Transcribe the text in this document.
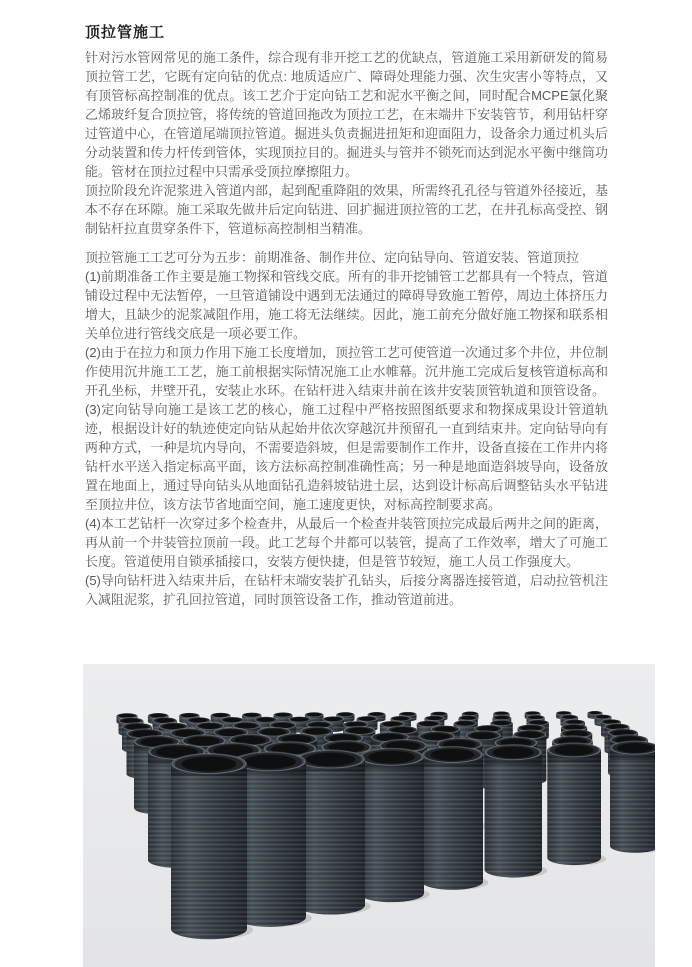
顶拉管施工
针对污水管网常见的施工条件，综合现有非开挖工艺的优缺点，管道施工采用新研发的简易顶拉管工艺，它既有定向钻的优点: 地质适应广、障碍处理能力强、次生灾害小等特点，又有顶管标高控制准的优点。该工艺介于定向钻工艺和泥水平衡之间，同时配合MCPE氯化聚乙烯玻纤复合顶拉管，将传统的管道回拖改为顶拉工艺，在末端井下安装管节，利用钻杆穿过管道中心，在管道尾端顶拉管道。掘进头负责掘进扭矩和迎面阻力，设备余力通过机头后分动装置和传力杆传到管体，实现顶拉目的。掘进头与管并不锁死而达到泥水平衡中继筒功能。管材在顶拉过程中只需承受顶拉摩擦阻力。
顶拉阶段允许泥浆进入管道内部，起到配重降阻的效果，所需终孔孔径与管道外径接近，基本不存在环隙。施工采取先做井后定向钻进、回扩掘进顶拉管的工艺，在井孔标高受控、钢制钻杆拉直贯穿条件下，管道标高控制相当精准。

顶拉管施工工艺可分为五步：前期准备、制作井位、定向钻导向、管道安装、管道顶拉

(1)前期准备工作主要是施工物探和管线交底。所有的非开挖铺管工艺都具有一个特点，管道铺设过程中无法暂停，一旦管道铺设中遇到无法通过的障碍导致施工暂停，周边土体挤压力增大，且缺少的泥浆减阻作用，施工将无法继续。因此，施工前充分做好施工物探和联系相关单位进行管线交底是一项必要工作。

(2)由于在拉力和顶力作用下施工长度增加，顶拉管工艺可使管道一次通过多个井位，井位制作使用沉井施工工艺，施工前根据实际情况施工止水帷幕。沉井施工完成后复核管道标高和开孔坐标，井壁开孔，安装止水环。在钻杆进入结束井前在该井安装顶管轨道和顶管设备。

(3)定向钻导向施工是该工艺的核心，施工过程中严格按照图纸要求和物探成果设计管道轨迹，根据设计好的轨迹使定向钻从起始井依次穿越沉井预留孔一直到结束井。定向钻导向有两种方式，一种是坑内导向，不需要造斜坡，但是需要制作工作井，设备直接在工作井内将钻杆水平送入指定标高平面，该方法标高控制准确性高；另一种是地面造斜坡导向，设备放置在地面上，通过导向钻头从地面钻孔造斜坡钻进土层，达到设计标高后调整钻头水平钻进至顶拉井位，该方法节省地面空间，施工速度更快，对标高控制要求高。

(4)本工艺钻杆一次穿过多个检查井，从最后一个检查井装管顶拉完成最后两井之间的距离，再从前一个井装管拉顶前一段。此工艺每个井都可以装管，提高了工作效率，增大了可施工长度。管道使用自锁承插接口，安装方便快捷，但是管节较短，施工人员工作强度大。

(5)导向钻杆进入结束井后，在钻杆末端安装扩孔钻头，后接分离器连接管道，启动拉管机注入减阻泥浆，扩孔回拉管道，同时顶管设备工作，推动管道前进。
